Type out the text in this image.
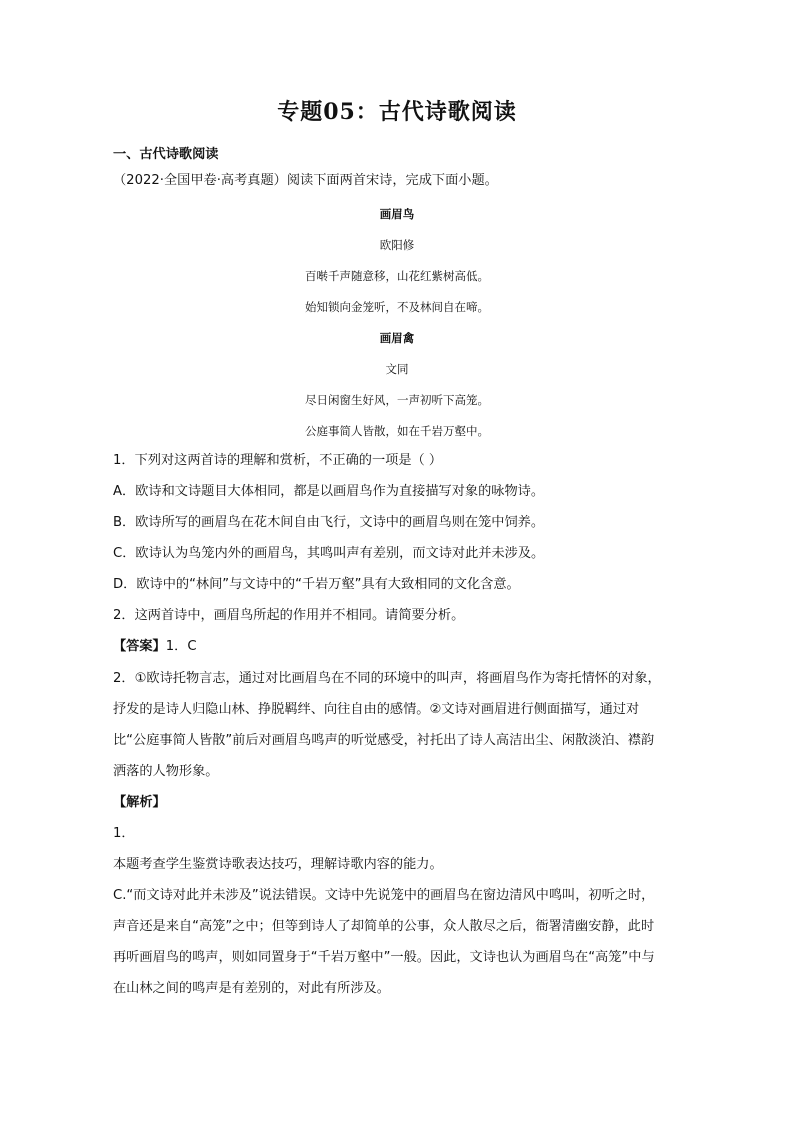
专题05：古代诗歌阅读
一、古代诗歌阅读
（2022·全国甲卷·高考真题）阅读下面两首宋诗，完成下面小题。
画眉鸟
欧阳修
百啭千声随意移，山花红紫树高低。
始知锁向金笼听，不及林间自在啼。
画眉禽
文同
尽日闲窗生好风，一声初听下高笼。
公庭事简人皆散，如在千岩万壑中。
1．下列对这两首诗的理解和赏析，不正确的一项是（ ）
A．欧诗和文诗题目大体相同，都是以画眉鸟作为直接描写对象的咏物诗。
B．欧诗所写的画眉鸟在花木间自由飞行，文诗中的画眉鸟则在笼中饲养。
C．欧诗认为鸟笼内外的画眉鸟，其鸣叫声有差别，而文诗对此并未涉及。
D．欧诗中的“林间”与文诗中的“千岩万壑”具有大致相同的文化含意。
2．这两首诗中，画眉鸟所起的作用并不相同。请简要分析。
【答案】1．C
2．①欧诗托物言志，通过对比画眉鸟在不同的环境中的叫声，将画眉鸟作为寄托情怀的对象，
抒发的是诗人归隐山林、挣脱羁绊、向往自由的感情。②文诗对画眉进行侧面描写，通过对
比“公庭事简人皆散”前后对画眉鸟鸣声的听觉感受，衬托出了诗人高洁出尘、闲散淡泊、襟韵
洒落的人物形象。
【解析】
1．
本题考查学生鉴赏诗歌表达技巧，理解诗歌内容的能力。
C.“而文诗对此并未涉及”说法错误。文诗中先说笼中的画眉鸟在窗边清风中鸣叫，初听之时，
声音还是来自“高笼”之中；但等到诗人了却简单的公事，众人散尽之后，衙署清幽安静，此时
再听画眉鸟的鸣声，则如同置身于“千岩万壑中”一般。因此，文诗也认为画眉鸟在“高笼”中与
在山林之间的鸣声是有差别的，对此有所涉及。
